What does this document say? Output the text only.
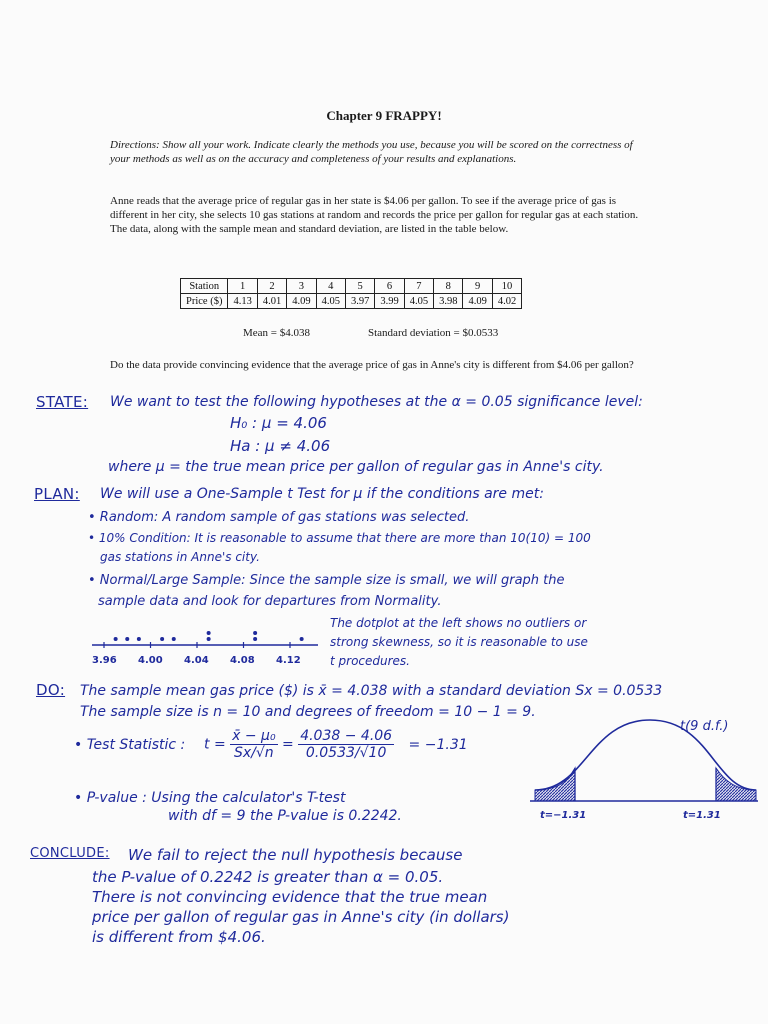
Chapter 9 FRAPPY!
Directions: Show all your work. Indicate clearly the methods you use, because you will be scored on the correctness of your methods as well as on the accuracy and completeness of your results and explanations.
Anne reads that the average price of regular gas in her state is $4.06 per gallon. To see if the average price of gas is different in her city, she selects 10 gas stations at random and records the price per gallon for regular gas at each station. The data, along with the sample mean and standard deviation, are listed in the table below.
Station	1	2	3	4	5	6	7	8	9	10
Price ($)	4.13	4.01	4.09	4.05	3.97	3.99	4.05	3.98	4.09	4.02
Mean = $4.038	Standard deviation = $0.0533
Do the data provide convincing evidence that the average price of gas in Anne's city is different from $4.06 per gallon?
STATE: We want to test the following hypotheses at the α = 0.05 significance level:
H₀ : μ = 4.06
Ha : μ ≠ 4.06
where μ = the true mean price per gallon of regular gas in Anne's city.
PLAN: We will use a One-Sample t Test for μ if the conditions are met:
• Random: A random sample of gas stations was selected.
• 10% Condition: It is reasonable to assume that there are more than 10(10) = 100
gas stations in Anne's city.
• Normal/Large Sample: Since the sample size is small, we will graph the
sample data and look for departures from Normality.
The dotplot at the left shows no outliers or
strong skewness, so it is reasonable to use
t procedures.
3.96 4.00 4.04 4.08 4.12
DO: The sample mean gas price ($) is x̄ = 4.038 with a standard deviation Sx = 0.0533
The sample size is n = 10 and degrees of freedom = 10 − 1 = 9.
• Test Statistic : $t = \frac{\text{x̄ − μ₀}}{Sx/√n} = \frac{4.038 - 4.06}{0.0533/√10} = -1.31$
t(9 d.f.)
t=−1.31	t=1.31
• P-value : Using the calculator's T-test
with df = 9 the P-value is 0.2242.
CONCLUDE: We fail to reject the null hypothesis because
the P-value of 0.2242 is greater than α = 0.05.
There is not convincing evidence that the true mean
price per gallon of regular gas in Anne's city (in dollars)
is different from $4.06.
